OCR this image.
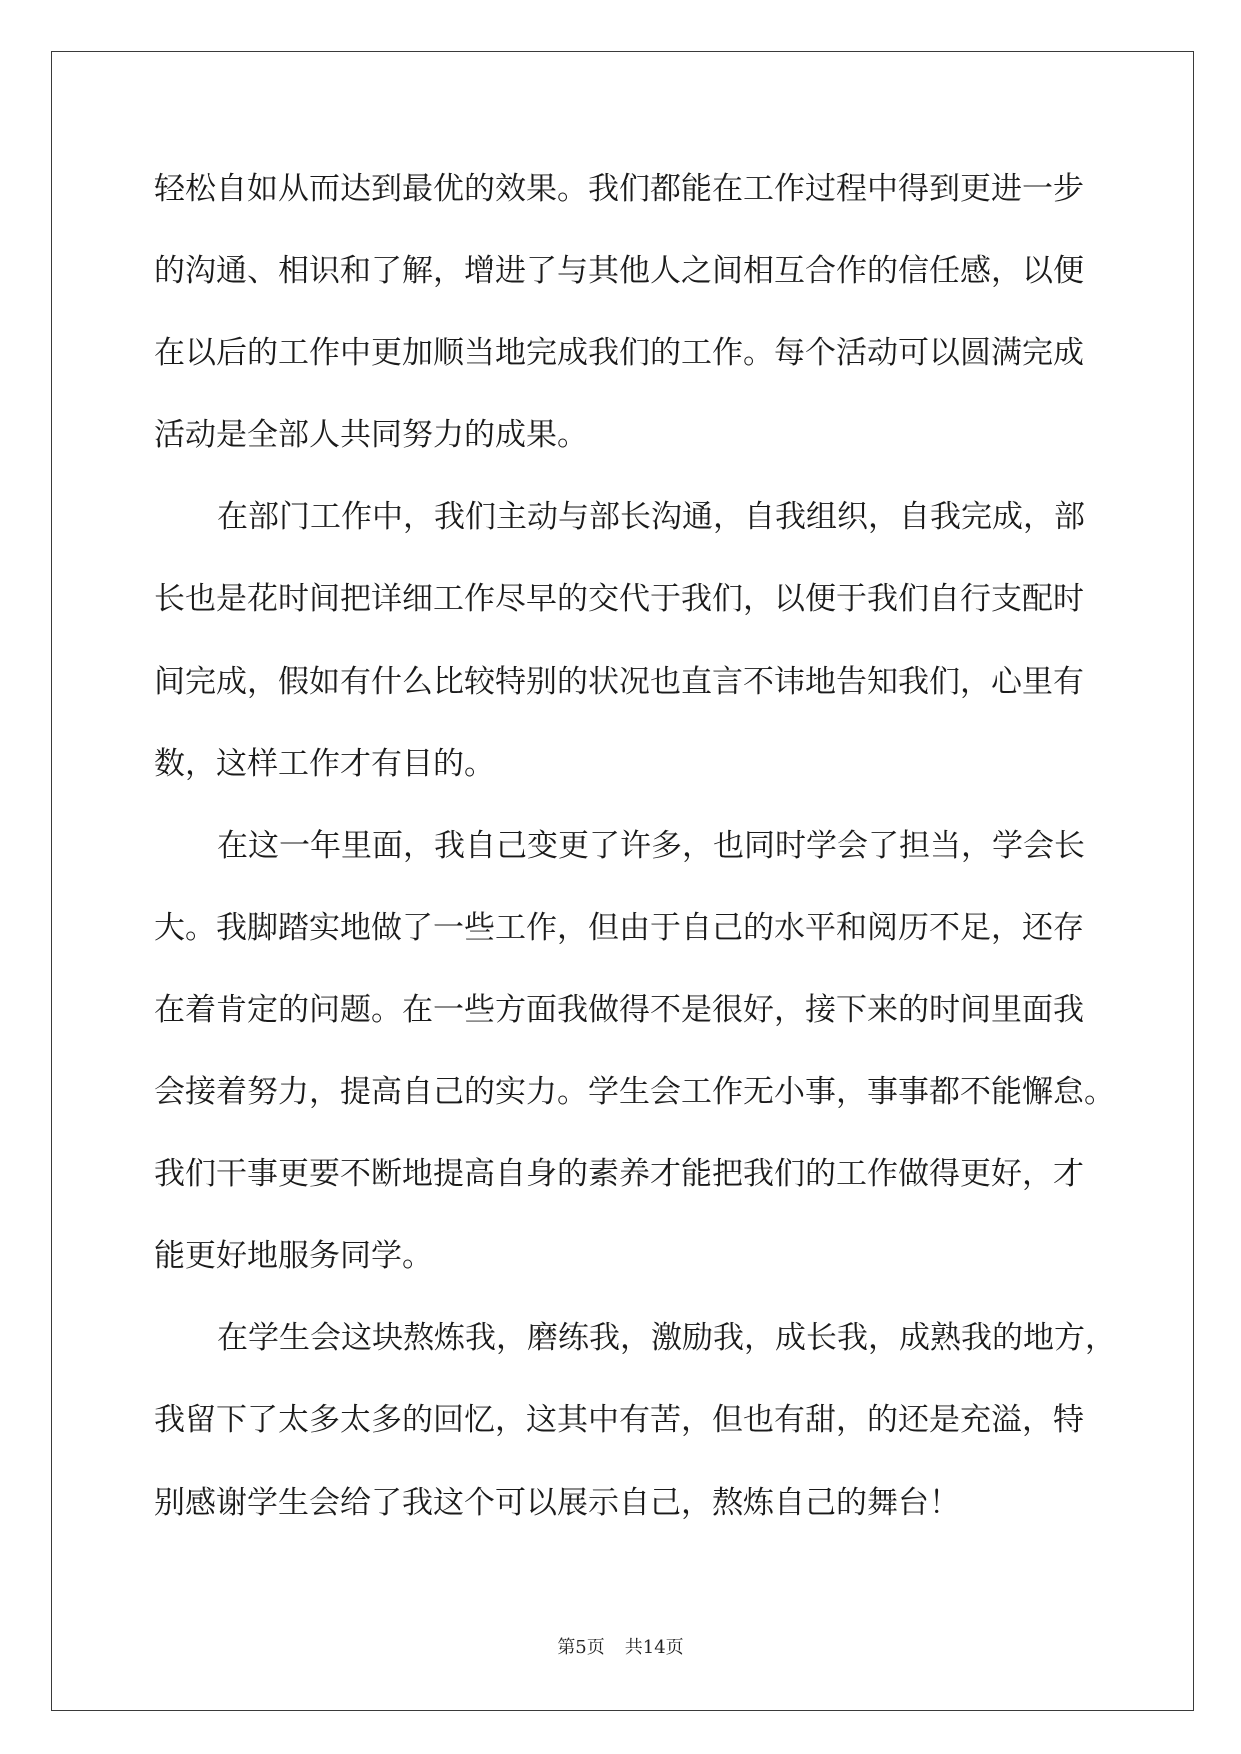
轻松自如从而达到最优的效果。我们都能在工作过程中得到更进一步
的沟通、相识和了解，增进了与其他人之间相互合作的信任感，以便
在以后的工作中更加顺当地完成我们的工作。每个活动可以圆满完成
活动是全部人共同努力的成果。
在部门工作中，我们主动与部长沟通，自我组织，自我完成，部
长也是花时间把详细工作尽早的交代于我们，以便于我们自行支配时
间完成，假如有什么比较特别的状况也直言不讳地告知我们，心里有
数，这样工作才有目的。
在这一年里面，我自己变更了许多，也同时学会了担当，学会长
大。我脚踏实地做了一些工作，但由于自己的水平和阅历不足，还存
在着肯定的问题。在一些方面我做得不是很好，接下来的时间里面我
会接着努力，提高自己的实力。学生会工作无小事，事事都不能懈怠。
我们干事更要不断地提高自身的素养才能把我们的工作做得更好，才
能更好地服务同学。
在学生会这块熬炼我，磨练我，激励我，成长我，成熟我的地方，
我留下了太多太多的回忆，这其中有苦，但也有甜，的还是充溢，特
别感谢学生会给了我这个可以展示自己，熬炼自己的舞台！
第5页 共14页
